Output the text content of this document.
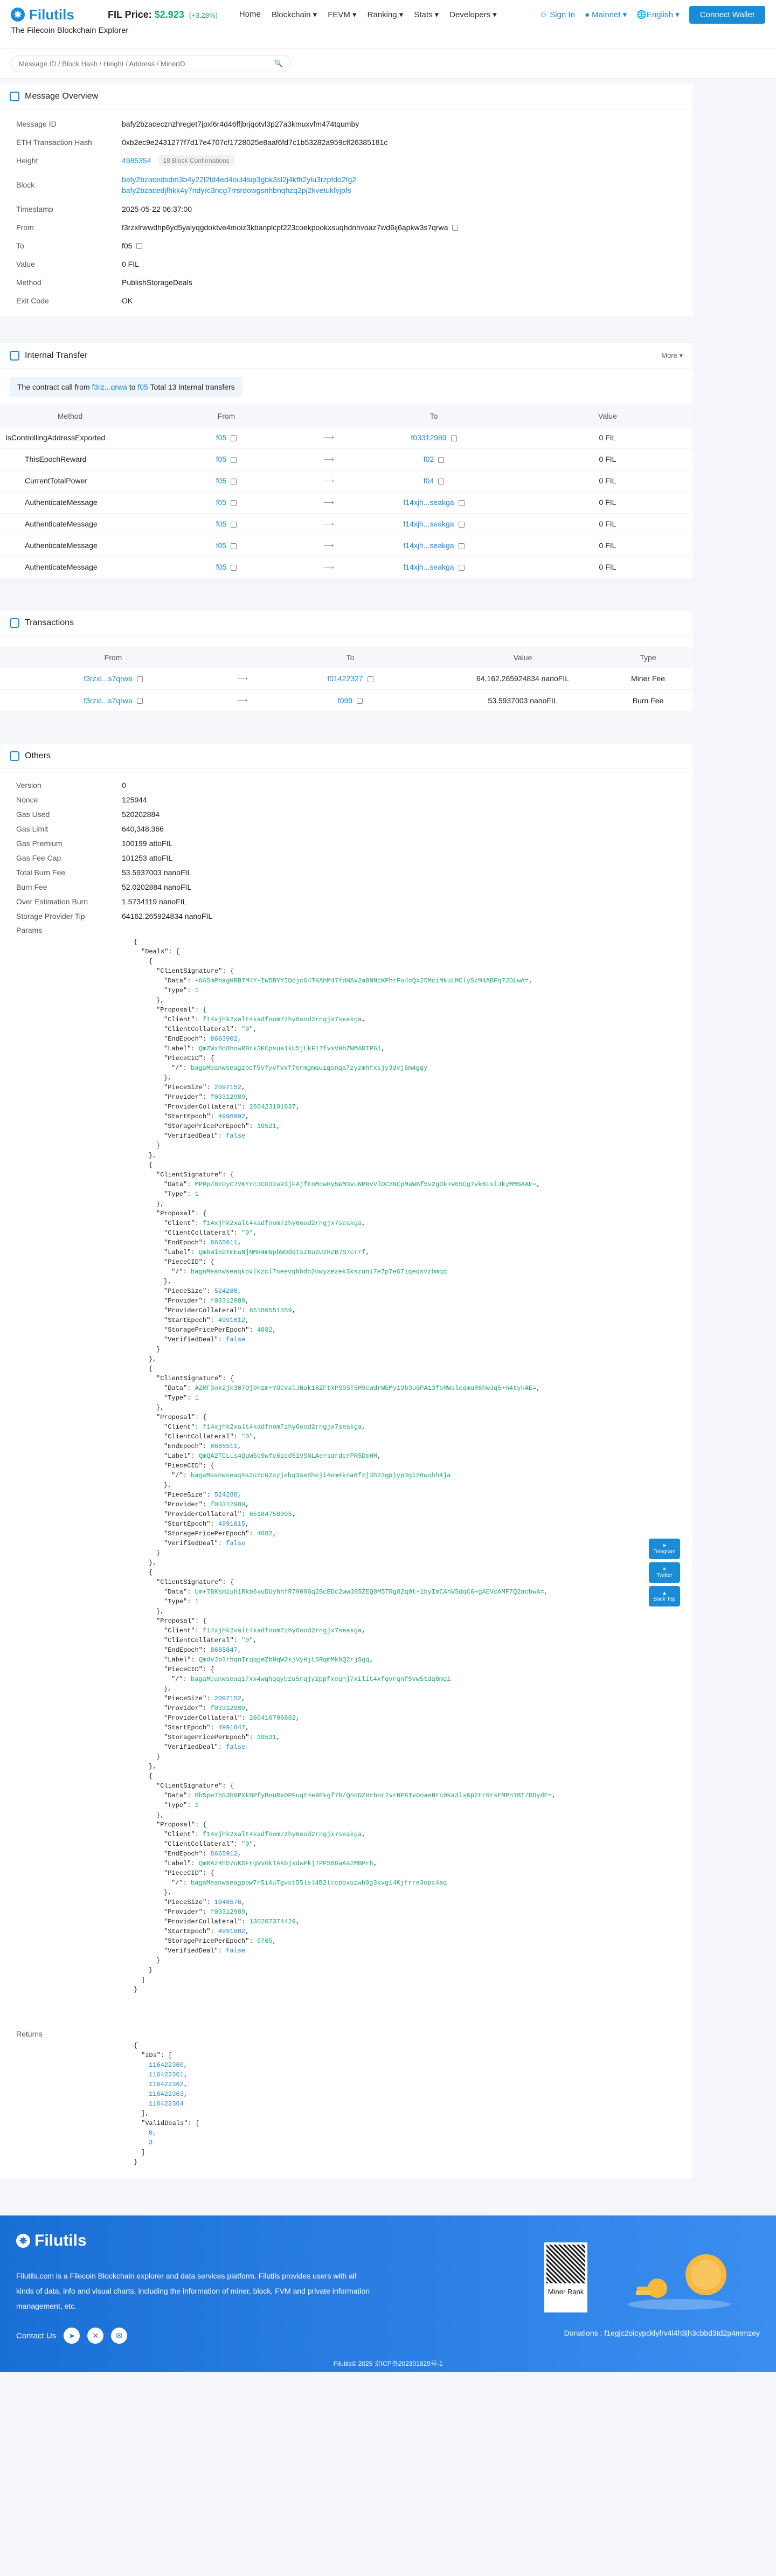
✵ Filutils	FIL Price: $2.923 (+3.28%)	Home Blockchain ▾ FEVM ▾ Ranking ▾ Stats ▾ Developers ▾	☺ Sign In ● Mainnet ▾ 🌐English ▾	Connect Wallet
The Filecoin Blockchain Explorer
Message ID / Block Hash / Height / Address / MinerID
🔍
Message Overview
Message ID	bafy2bzacecznzhreget7jpxl6r4d46ffjbrjqotvl3p27a3kmuxvfm474tqumby
ETH Transaction Hash	0xb2ec9e2431277f7d17e4707cf1728025e8aaf6fd7c1b53282a959cff26385181c
Height	4985354	18 Block Confirmations
Block
bafy2bzacedsdm3b4y22l2fd4ed4oul4sqi3gbk3sl2j4kfh2ylu3rzpfdo2fg2
bafy2bzacedjfhkk4y7ndyrc3ncg7rrsrdowgsnhbnqhzq2pj2kvetukfvjpfs
Timestamp	2025-05-22 06:37:00
From	f3rzxlrwwdhp6yd5yalyqgdoktve4moiz3kbanplcpf223coekpookxsuqhdnhvoaz7wd6ij6apkw3s7qrwa
To	f05
Value	0 FIL
Method	PublishStorageDeals
Exit Code	OK
Internal Transfer	More ▾
The contract call from f3rz...qrwa to f05 Total 13 internal transfers
Method	From		To	Value
IsControllingAddressExported	f05	⟶	f03312989	0 FIL
ThisEpochReward	f05	⟶	f02	0 FIL
CurrentTotalPower	f05	⟶	f04	0 FIL
AuthenticateMessage	f05	⟶	f14xjh...seakga	0 FIL
AuthenticateMessage	f05	⟶	f14xjh...seakga	0 FIL
AuthenticateMessage	f05	⟶	f14xjh...seakga	0 FIL
AuthenticateMessage	f05	⟶	f14xjh...seakga	0 FIL
Transactions
From		To	Value	Type
f3rzxl...s7qrwa	⟶	f01422327	64,162.265924834 nanoFIL	Miner Fee
f3rzxl...s7qrwa	⟶	f099	53.5937003 nanoFIL	Burn Fee
Others
Version	0
Nonce	125944
Gas Used	520202884
Gas Limit	640,348,366
Gas Premium	100199 attoFIL
Gas Fee Cap	101253 attoFIL
Total Burn Fee	53.5937003 nanoFIL
Burn Fee	52.0202884 nanoFIL
Over Estimation Burn	1.5734119 nanoFIL
Storage Provider Tip	64162.265924834 nanoFIL
Params
{
"Deals": [
{
"ClientSignature": {
"Data": +0ASmPhagHRBTM4Y+IW5BYYIDcjcO4TKAhM47fdHAv2aBNNcKPhrFu4cQx25MciMkuLMClySzM4ABFq7JDLwA=,
"Type": 1
},
"Proposal": {
"Client": f14xjhk2xalt4kadfnom7zhy6ood2rngjx7seakga,
"ClientCollateral": "0",
"EndEpoch": 8663902,
"Label": QmZWx8d8hnwRBtk3KCpsua1kU5jLkF17fvsVHhZWMARTPG1,
"PieceCID": {
"/": bagaMeanwseagzbcf5vfyvfvxf7ermgmquiqsnqa7zyzmhfxsjy3dvj6m4gqy
},
"PieceSize": 2097152,
"Provider": f03312989,
"ProviderCollateral": 260423181637,
"StartEpoch": 4996992,
"StoragePricePerEpoch": 19521,
"VerifiedDeal": false
}
},
{
"ClientSignature": {
"Data": MPMp/8EOyC7VKYrc3CG3za9ijFAjfEnMcwHy5WM3vuNMRvVlOCzNCpMaWBf5v2gOk+V65Cg7vk6LsiJkyMMSAAE=,
"Type": 1
},
"Proposal": {
"Client": f14xjhk2xalt4kadfnom7zhy6ood2rngjx7seakga,
"ClientCollateral": "0",
"EndEpoch": 8665611,
"Label": QmbWiS9YmEwNjNMR4mNpbWDdqtsz6uzUzHZB7S7crrf,
"PieceCID": {
"/": bagaMeanwseaqkpvlkzcl7neevqbbdb2owyzezek3kszuni7e7p7e67iqeqsvzbmqq
},
"PieceSize": 524288,
"Provider": f03312989,
"ProviderCollateral": 65180551359,
"StartEpoch": 4991612,
"StoragePricePerEpoch": 4882,
"VerifiedDeal": false
}
},
{
"ClientSignature": {
"Data": AZMF3ok2jk307Oj9Hzm+YOCvalJNak18ZFtXPS9ST5M9cWdrWEMy19b3uGPA13fsRWalcqmuR6hwJq5+n4tykAE=,
"Type": 1
},
"Proposal": {
"Client": f14xjhk2xalt4kadfnom7zhy6ood2rngjx7seakga,
"ClientCollateral": "0",
"EndEpoch": 8665511,
"Label": QmQA2TCLLs4QuW5c9wfc6icd51VSNLAersdrdcrPR5DmHM,
"PieceCID": {
"/": bagaMeanwseaq4a2uzc62ayjebq3ae6heji4em4kna6fzj3h23gpjyp3giz6wuhh4ja
},
"PieceSize": 524288,
"Provider": f03312989,
"ProviderCollateral": 65184758095,
"StartEpoch": 4991615,
"StoragePricePerEpoch": 4882,
"VerifiedDeal": false
}
},
{
"ClientSignature": {
"Data": Um+7BKsm1uh1Rkb6xuDUyhhfR7900Gq2BcBDc2wwJ85ZEQ0M5TRg82q0t+1byImCAhVSdqC6+gAEVcAMF7Q2achwA=,
"Type": 1
},
"Proposal": {
"Client": f14xjhk2xalt4kadfnom7zhy6ood2rngjx7seakga,
"ClientCollateral": "0",
"EndEpoch": 8665847,
"Label": QmdvJp3rhqnIrqqgeZbHqW2kjVyHjtSRqmMkbQ2rjSgq,
"PieceCID": {
"/": bagaMeanwseaqi7xx4wqhqqybzu5rqjy2ppfxeqhj7xilit4xfqvrqnf5vw5tdq6mqi
},
"PieceSize": 2097152,
"Provider": f03312989,
"ProviderCollateral": 260416706682,
"StartEpoch": 4991847,
"StoragePricePerEpoch": 19531,
"VerifiedDeal": false
}
},
{
"ClientSignature": {
"Data": Bh5pe7bS3b9PXkBPfyBnuRxOPFuqt4e9Ekgf7b/QndDZHrbnL2vrNPAIvOoaeHrc0Ka3lx6p2trRrsEMPn1BT/DDydE=,
"Type": 1
},
"Proposal": {
"Client": f14xjhk2xalt4kadfnom7zhy6ood2rngjx7seakga,
"ClientCollateral": "0",
"EndEpoch": 8665912,
"Label": QmRAz4hD7uKSFrgVvGkTAKbjxdwPkjTPPS8GaAa2MBPrh,
"PieceCID": {
"/": bagaMeanwseagppw7r5i4uTgvxt55lsl4B2lccpbxuzwb0g3kvg14Kjfrre3opc4aq
},
"PieceSize": 1048576,
"Provider": f03312989,
"ProviderCollateral": 130207374429,
"StartEpoch": 4991862,
"StoragePricePerEpoch": 9765,
"VerifiedDeal": false
}
}
]
}
Returns
{
"IDs": [
116422360,
116422361,
116422362,
116422363,
116422364
],
"ValidDeals": [
0,
3
]
}
➤
Telegram
✕
Twitter
▲
Back Top
✵ Filutils
Filutils.com is a Filecoin Blockchain explorer and data services platform. Filutils provides users with all kinds of data, info and visual charts, including the information of miner, block, FVM and private information management, etc.
Contact Us	➤	✕	✉
Miner Rank
Donations : f1egjc2oicypcklyfrv4l4h3jh3cbbd3td2p4mmzey
Filutils© 2025 京ICP备202301829号-1
